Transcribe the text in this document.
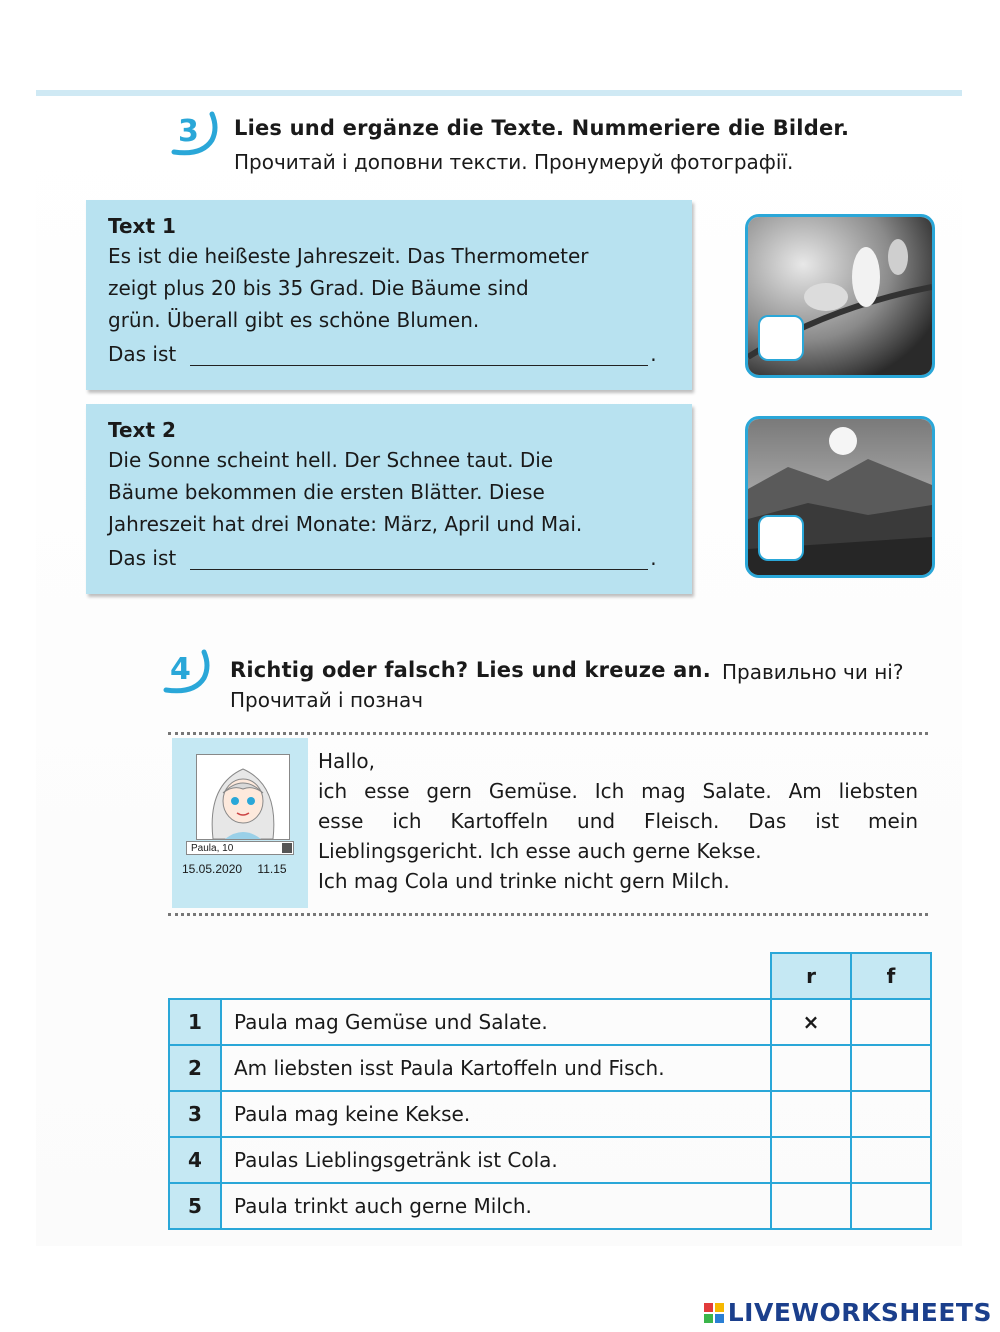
3 Lies und ergänze die Texte. Nummeriere die Bilder.
Прочитай і доповни тексти. Пронумеруй фотографії.
Text 1
Es ist die heißeste Jahreszeit. Das Thermometer
zeigt plus 20 bis 35 Grad. Die Bäume sind
grün. Überall gibt es schöne Blumen.
Das ist	.
Text 2
Die Sonne scheint hell. Der Schnee taut. Die
Bäume bekommen die ersten Blätter. Diese
Jahreszeit hat drei Monate: März, April und Mai.
Das ist	.
4 Richtig oder falsch? Lies und kreuze an. Правильно чи ні?
Прочитай і познач
Paula, 10
15.05.2020 11.15
Hallo,
ich esse gern Gemüse. Ich mag Salate. Am liebsten
esse ich Kartoffeln und Fleisch. Das ist mein
Lieblingsgericht. Ich esse auch gerne Kekse.
Ich mag Cola und trinke nicht gern Milch.
		r	f
1	Paula mag Gemüse und Salate.	×	
2	Am liebsten isst Paula Kartoffeln und Fisch.		
3	Paula mag keine Kekse.		
4	Paulas Lieblingsgetränk ist Cola.		
5	Paula trinkt auch gerne Milch.		
LIVEWORKSHEETS
